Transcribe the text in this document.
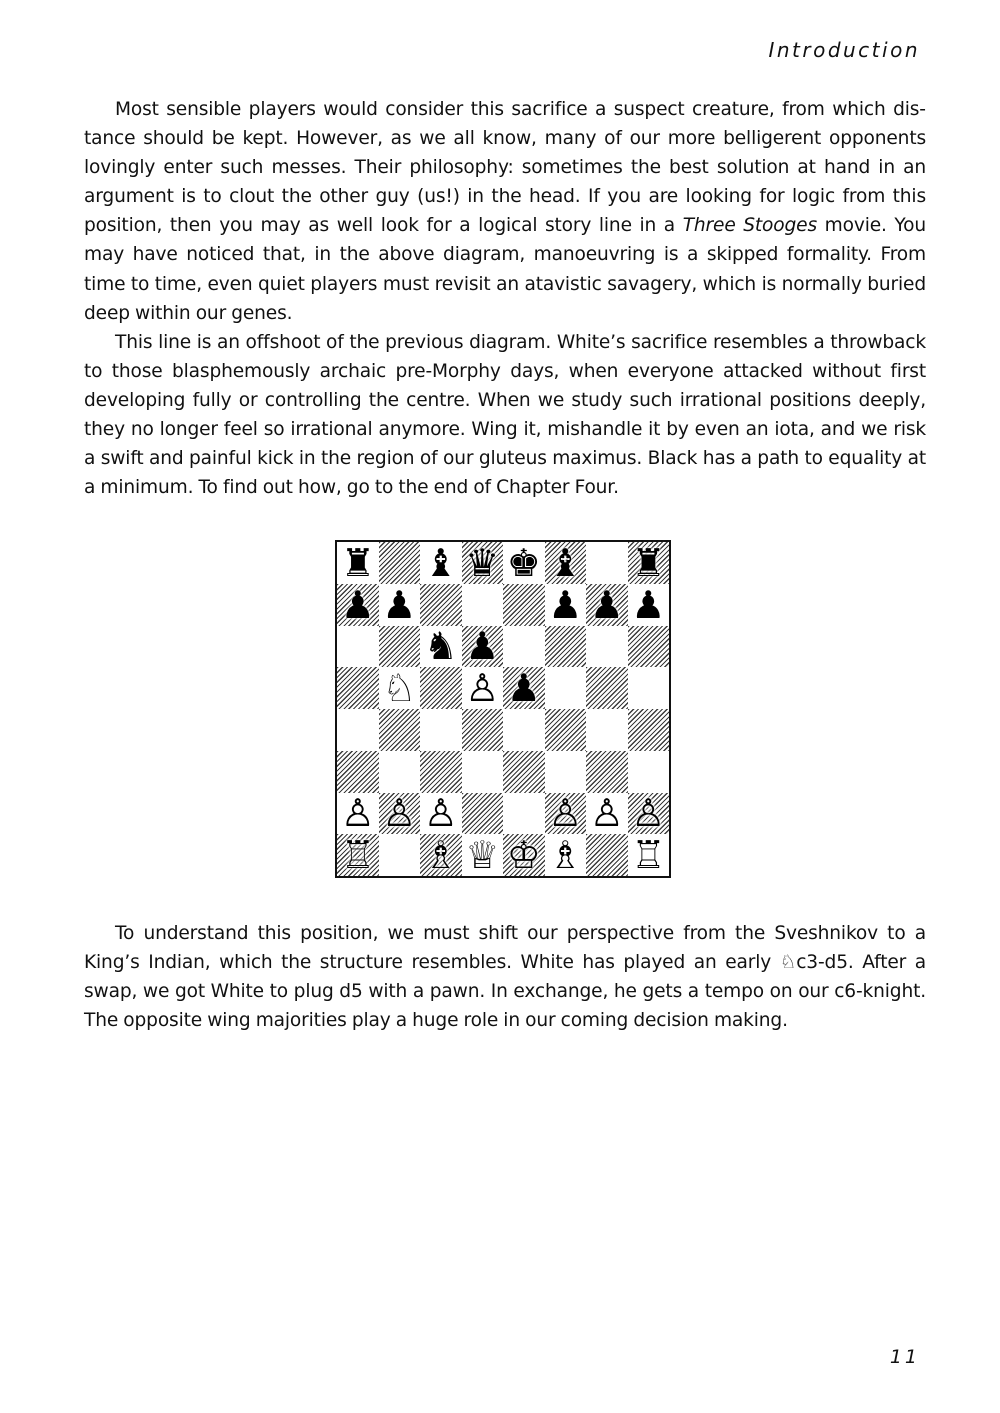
Introduction

Most sensible players would consider this sacrifice a suspect creature, from which distance should be kept. However, as we all know, many of our more belligerent opponents lovingly enter such messes. Their philosophy: sometimes the best solution at hand in an argument is to clout the other guy (us!) in the head. If you are looking for logic from this position, then you may as well look for a logical story line in a Three Stooges movie. You may have noticed that, in the above diagram, manoeuvring is a skipped formality. From time to time, even quiet players must revisit an atavistic savagery, which is normally buried deep within our genes.

This line is an offshoot of the previous diagram. White’s sacrifice resembles a throwback to those blasphemously archaic pre-Morphy days, when everyone attacked without first developing fully or controlling the centre. When we study such irrational positions deeply, they no longer feel so irrational anymore. Wing it, mishandle it by even an iota, and we risk a swift and painful kick in the region of our gluteus maximus. Black has a path to equality at a minimum. To find out how, go to the end of Chapter Four.

♜ ♝ ♛ ♚ ♝ ♜
♟ ♟	♟ ♟ ♟
♞ ♟
♘ ♙ ♟
♙ ♙ ♙ ♙ ♙ ♙
♖ ♗ ♕ ♔ ♗ ♖

To understand this position, we must shift our perspective from the Sveshnikov to a King’s Indian, which the structure resembles. White has played an early ♘c3-d5. After a swap, we got White to plug d5 with a pawn. In exchange, he gets a tempo on our c6-knight. The opposite wing majorities play a huge role in our coming decision making.

11
